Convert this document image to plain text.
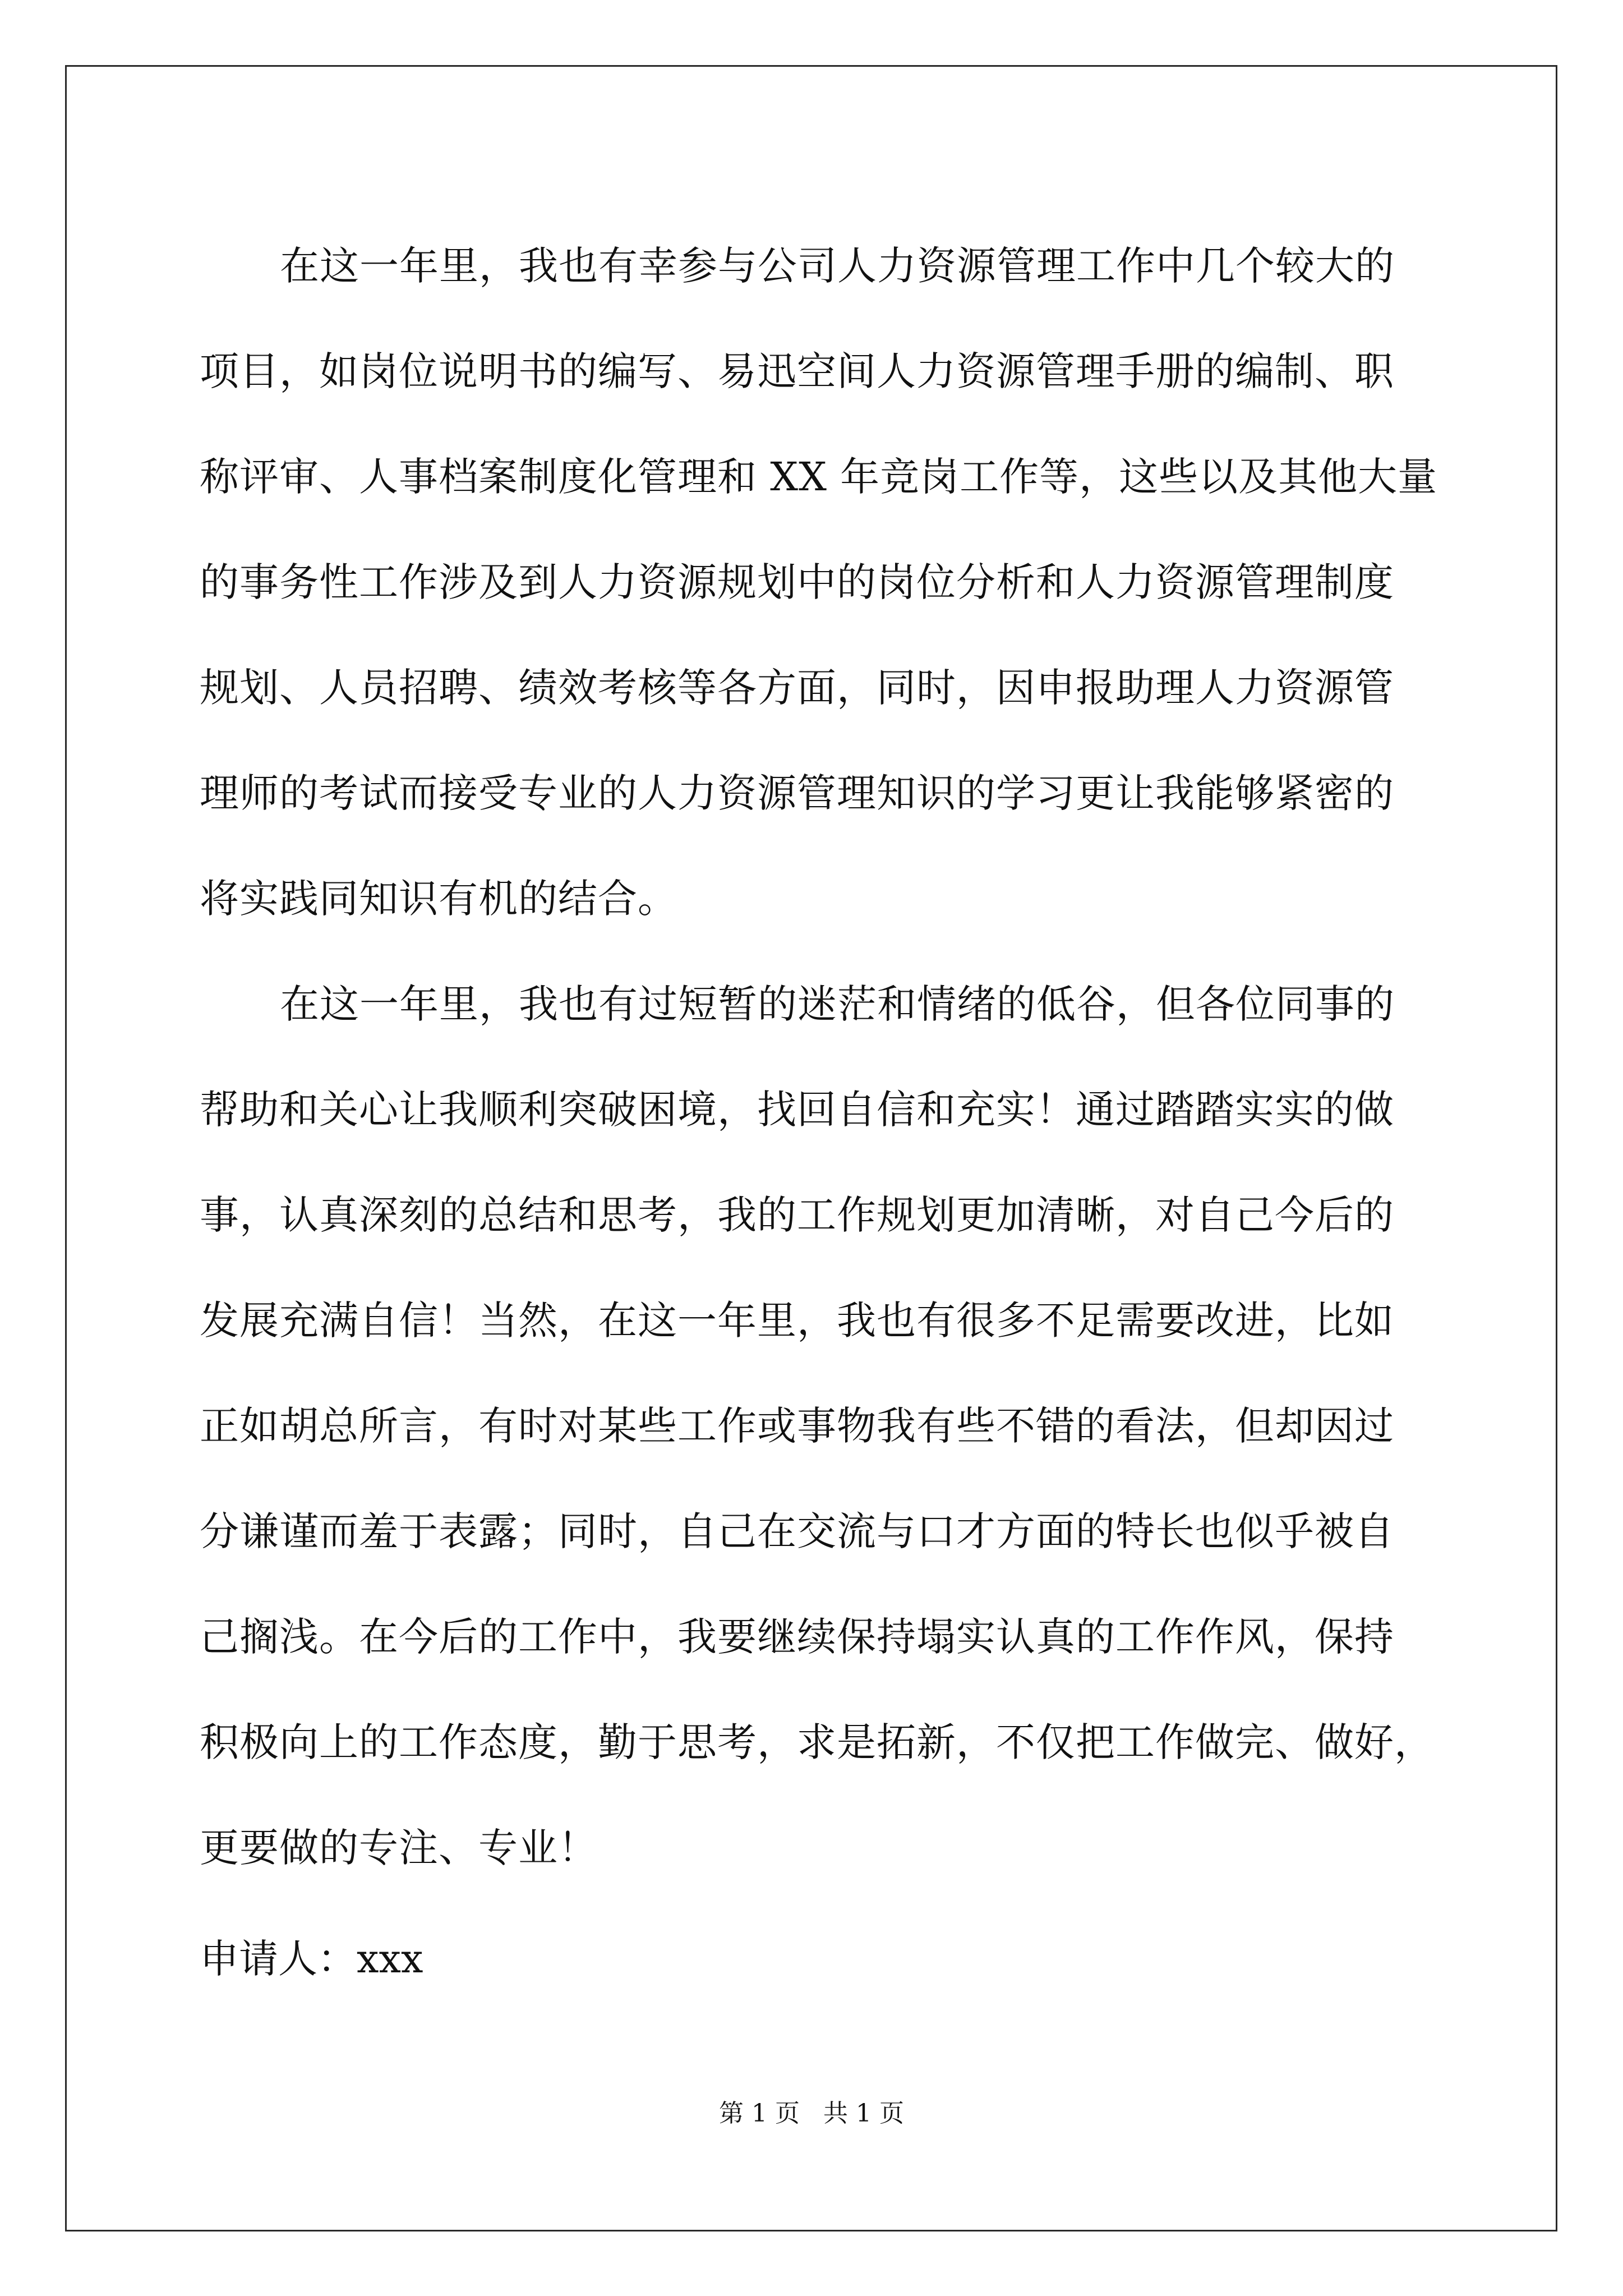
在这一年里，我也有幸参与公司人力资源管理工作中几个较大的
项目，如岗位说明书的编写、易迅空间人力资源管理手册的编制、职
称评审、人事档案制度化管理和 XX 年竞岗工作等，这些以及其他大量
的事务性工作涉及到人力资源规划中的岗位分析和人力资源管理制度
规划、人员招聘、绩效考核等各方面，同时，因申报助理人力资源管
理师的考试而接受专业的人力资源管理知识的学习更让我能够紧密的
将实践同知识有机的结合。
在这一年里，我也有过短暂的迷茫和情绪的低谷，但各位同事的
帮助和关心让我顺利突破困境，找回自信和充实！通过踏踏实实的做
事，认真深刻的总结和思考，我的工作规划更加清晰，对自己今后的
发展充满自信！当然，在这一年里，我也有很多不足需要改进，比如
正如胡总所言，有时对某些工作或事物我有些不错的看法，但却因过
分谦谨而羞于表露；同时，自己在交流与口才方面的特长也似乎被自
己搁浅。在今后的工作中，我要继续保持塌实认真的工作作风，保持
积极向上的工作态度，勤于思考，求是拓新，不仅把工作做完、做好，
更要做的专注、专业！
申请人：xxx
第 1 页   共 1 页
